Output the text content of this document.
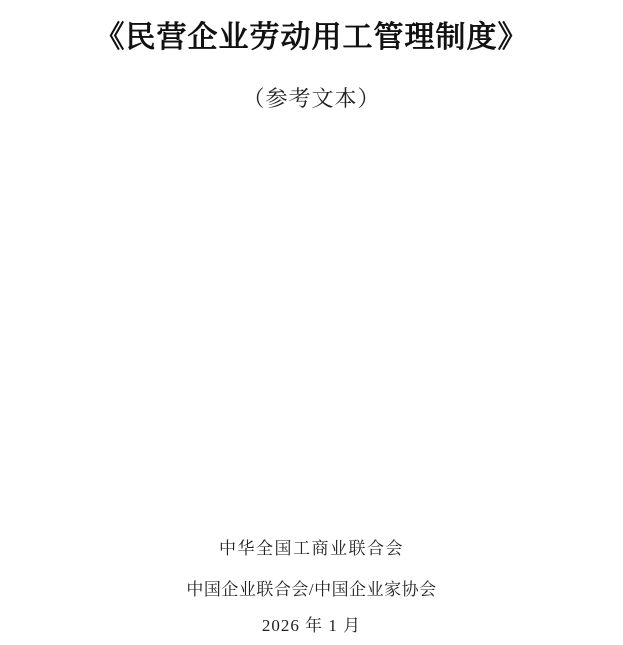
《民营企业劳动用工管理制度》
（参考文本）
中华全国工商业联合会
中国企业联合会/中国企业家协会
2026 年 1 月
